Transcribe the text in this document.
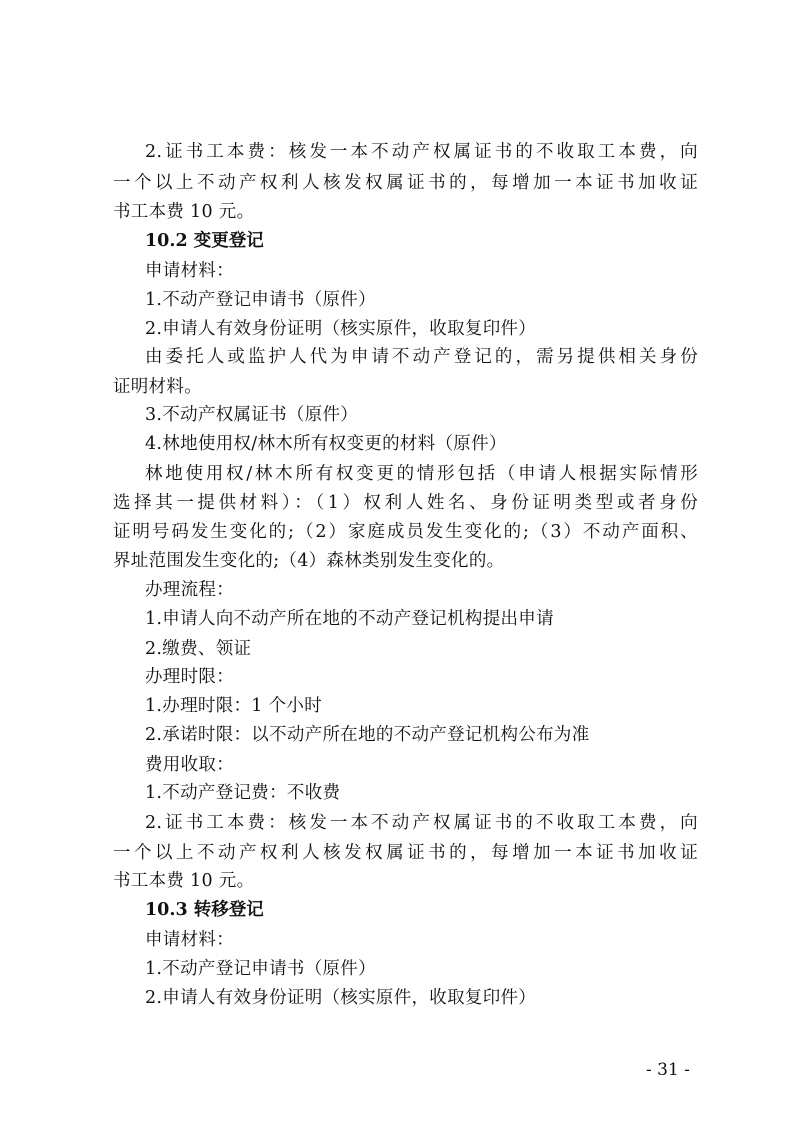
2.证书工本费：核发一本不动产权属证书的不收取工本费，向
一个以上不动产权利人核发权属证书的，每增加一本证书加收证
书工本费 10 元。
10.2 变更登记
申请材料：
1.不动产登记申请书（原件）
2.申请人有效身份证明（核实原件，收取复印件）
由委托人或监护人代为申请不动产登记的，需另提供相关身份
证明材料。
3.不动产权属证书（原件）
4.林地使用权/林木所有权变更的材料（原件）
林地使用权/林木所有权变更的情形包括（申请人根据实际情形
选择其一提供材料）：（1）权利人姓名、身份证明类型或者身份
证明号码发生变化的;（2）家庭成员发生变化的;（3）不动产面积、
界址范围发生变化的;（4）森林类别发生变化的。
办理流程：
1.申请人向不动产所在地的不动产登记机构提出申请
2.缴费、领证
办理时限：
1.办理时限：1 个小时
2.承诺时限：以不动产所在地的不动产登记机构公布为准
费用收取：
1.不动产登记费：不收费
2.证书工本费：核发一本不动产权属证书的不收取工本费，向
一个以上不动产权利人核发权属证书的，每增加一本证书加收证
书工本费 10 元。
10.3 转移登记
申请材料：
1.不动产登记申请书（原件）
2.申请人有效身份证明（核实原件，收取复印件）
- 31 -
